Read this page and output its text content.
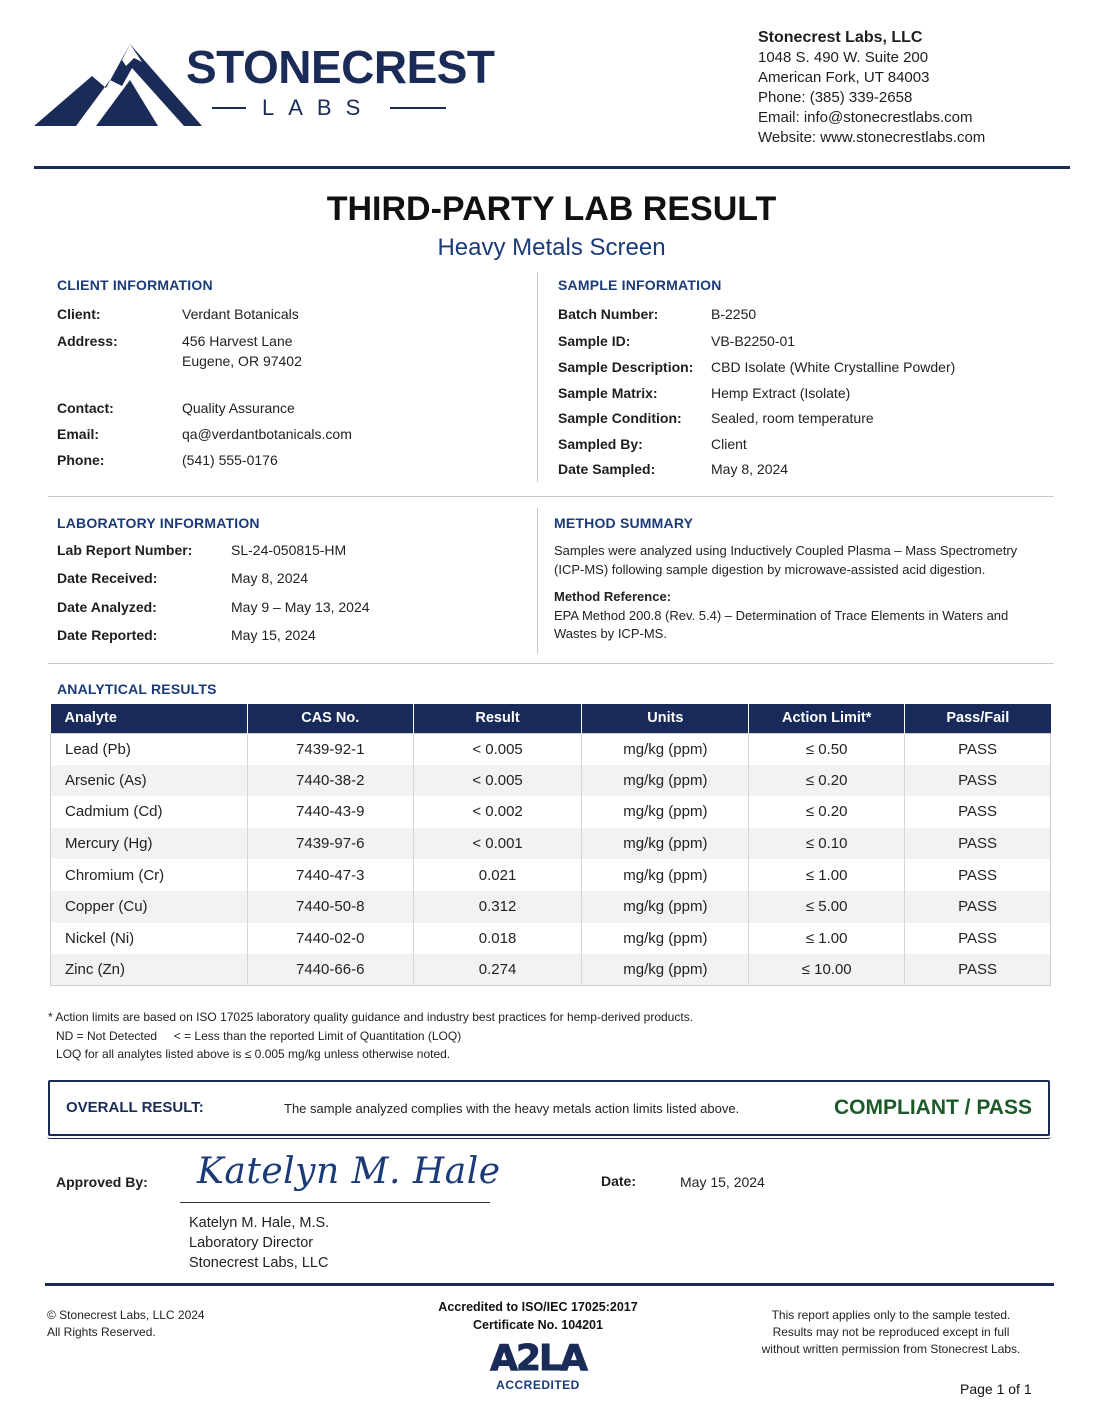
STONECREST
LABS
Stonecrest Labs, LLC
1048 S. 490 W. Suite 200
American Fork, UT 84003
Phone: (385) 339-2658
Email: info@stonecrestlabs.com
Website: www.stonecrestlabs.com
THIRD-PARTY LAB RESULT
Heavy Metals Screen
CLIENT INFORMATION
Client:	Verdant Botanicals
Address:	456 Harvest Lane
Eugene, OR 97402
Contact:	Quality Assurance
Email:	qa@verdantbotanicals.com
Phone:	(541) 555-0176
SAMPLE INFORMATION
Batch Number:	B-2250
Sample ID:	VB-B2250-01
Sample Description: CBD Isolate (White Crystalline Powder)
Sample Matrix:	Hemp Extract (Isolate)
Sample Condition: Sealed, room temperature
Sampled By:	Client
Date Sampled:	May 8, 2024
LABORATORY INFORMATION
Lab Report Number:	SL-24-050815-HM
Date Received:	May 8, 2024
Date Analyzed:	May 9 – May 13, 2024
Date Reported:	May 15, 2024
METHOD SUMMARY
Samples were analyzed using Inductively Coupled Plasma – Mass Spectrometry
(ICP-MS) following sample digestion by microwave-assisted acid digestion.
Method Reference:
EPA Method 200.8 (Rev. 5.4) – Determination of Trace Elements in Waters and
Wastes by ICP-MS.
ANALYTICAL RESULTS
Analyte	CAS No.	Result	Units	Action Limit*	Pass/Fail
Lead (Pb)	7439-92-1	< 0.005	mg/kg (ppm)	≤ 0.50	PASS
Arsenic (As)	7440-38-2	< 0.005	mg/kg (ppm)	≤ 0.20	PASS
Cadmium (Cd)	7440-43-9	< 0.002	mg/kg (ppm)	≤ 0.20	PASS
Mercury (Hg)	7439-97-6	< 0.001	mg/kg (ppm)	≤ 0.10	PASS
Chromium (Cr)	7440-47-3	0.021	mg/kg (ppm)	≤ 1.00	PASS
Copper (Cu)	7440-50-8	0.312	mg/kg (ppm)	≤ 5.00	PASS
Nickel (Ni)	7440-02-0	0.018	mg/kg (ppm)	≤ 1.00	PASS
Zinc (Zn)	7440-66-6	0.274	mg/kg (ppm)	≤ 10.00	PASS
* Action limits are based on ISO 17025 laboratory quality guidance and industry best practices for hemp-derived products.
ND = Not Detected     < = Less than the reported Limit of Quantitation (LOQ)
LOQ for all analytes listed above is ≤ 0.005 mg/kg unless otherwise noted.
OVERALL RESULT:	The sample analyzed complies with the heavy metals action limits listed above.	COMPLIANT / PASS
Approved By: Katelyn M. Hale
Katelyn M. Hale, M.S.
Laboratory Director
Stonecrest Labs, LLC
Date:	May 15, 2024
© Stonecrest Labs, LLC 2024
All Rights Reserved.
Accredited to ISO/IEC 17025:2017
Certificate No. 104201
A2LA
ACCREDITED
This report applies only to the sample tested.
Results may not be reproduced except in full
without written permission from Stonecrest Labs.
Page 1 of 1
